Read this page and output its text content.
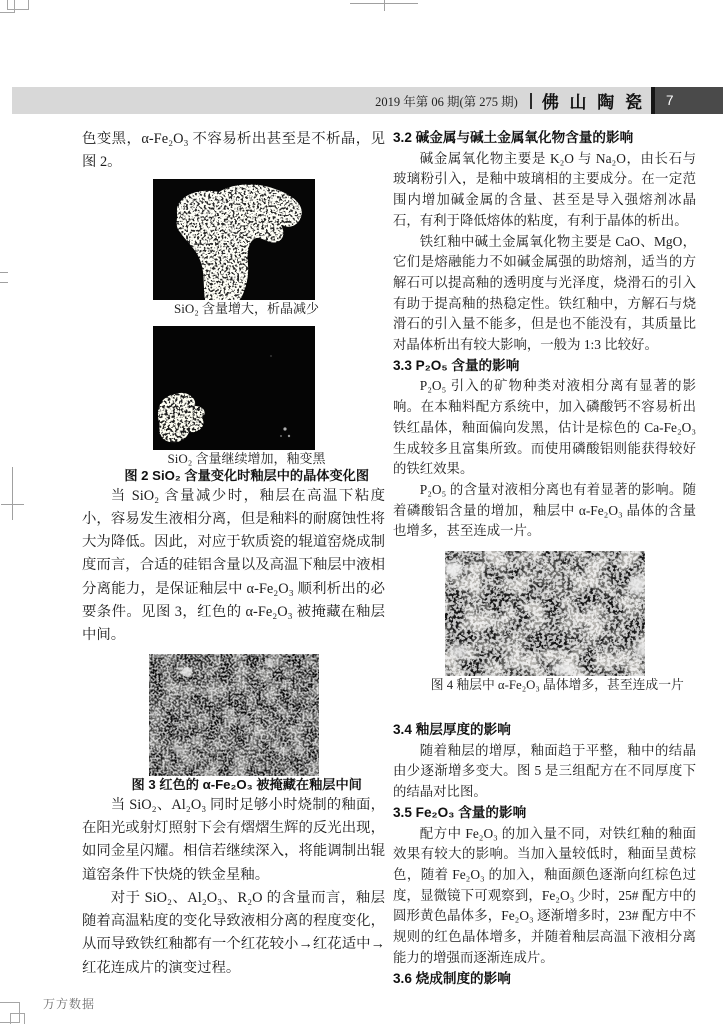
2019 年第 06 期(第 275 期) 佛 山 陶 瓷 7

色变黑，α-Fe₂O₃ 不容易析出甚至是不析晶，见图 2。

SiO₂ 含量增大，析晶减少

SiO₂ 含量继续增加，釉变黑

图 2 SiO₂ 含量变化时釉层中的晶体变化图

当 SiO₂ 含量减少时，釉层在高温下粘度小，容易发生液相分离，但是釉料的耐腐蚀性将大为降低。因此，对应于软质瓷的辊道窑烧成制度而言，合适的硅铝含量以及高温下釉层中液相分离能力，是保证釉层中 α-Fe₂O₃ 顺利析出的必要条件。见图 3，红色的 α-Fe₂O₃ 被掩藏在釉层中间。

图 3 红色的 α-Fe₂O₃ 被掩藏在釉层中间

当 SiO₂、Al₂O₃ 同时足够小时烧制的釉面，在阳光或射灯照射下会有熠熠生辉的反光出现，如同金星闪耀。相信若继续深入，将能调制出辊道窑条件下快烧的铁金星釉。

对于 SiO₂、Al₂O₃、R₂O 的含量而言，釉层随着高温粘度的变化导致液相分离的程度变化，从而导致铁红釉都有一个红花较小→红花适中→红花连成片的演变过程。

3.2 碱金属与碱土金属氧化物含量的影响

碱金属氧化物主要是 K₂O 与 Na₂O，由长石与玻璃粉引入，是釉中玻璃相的主要成分。在一定范围内增加碱金属的含量、甚至是导入强熔剂冰晶石，有利于降低熔体的粘度，有利于晶体的析出。

铁红釉中碱土金属氧化物主要是 CaO、MgO，它们是熔融能力不如碱金属强的助熔剂，适当的方解石可以提高釉的透明度与光泽度，烧滑石的引入有助于提高釉的热稳定性。铁红釉中，方解石与烧滑石的引入量不能多，但是也不能没有，其质量比对晶体析出有较大影响，一般为 1:3 比较好。

3.3 P₂O₅ 含量的影响

P₂O₅ 引入的矿物种类对液相分离有显著的影响。在本釉料配方系统中，加入磷酸钙不容易析出铁红晶体，釉面偏向发黑，估计是棕色的 Ca-Fe₂O₃ 生成较多且富集所致。而使用磷酸铝则能获得较好的铁红效果。

P₂O₅ 的含量对液相分离也有着显著的影响。随着磷酸铝含量的增加，釉层中 α-Fe₂O₃ 晶体的含量也增多，甚至连成一片。

图 4 釉层中 α-Fe₂O₃ 晶体增多，甚至连成一片

3.4 釉层厚度的影响

随着釉层的增厚，釉面趋于平整，釉中的结晶由少逐渐增多变大。图 5 是三组配方在不同厚度下的结晶对比图。

3.5 Fe₂O₃ 含量的影响

配方中 Fe₂O₃ 的加入量不同，对铁红釉的釉面效果有较大的影响。当加入量较低时，釉面呈黄棕色，随着 Fe₂O₃ 的加入，釉面颜色逐渐向红棕色过度，显微镜下可观察到，Fe₂O₃ 少时，25# 配方中的圆形黄色晶体多，Fe₂O₃ 逐渐增多时，23# 配方中不规则的红色晶体增多，并随着釉层高温下液相分离能力的增强而逐渐连成片。

3.6 烧成制度的影响
万方数据
